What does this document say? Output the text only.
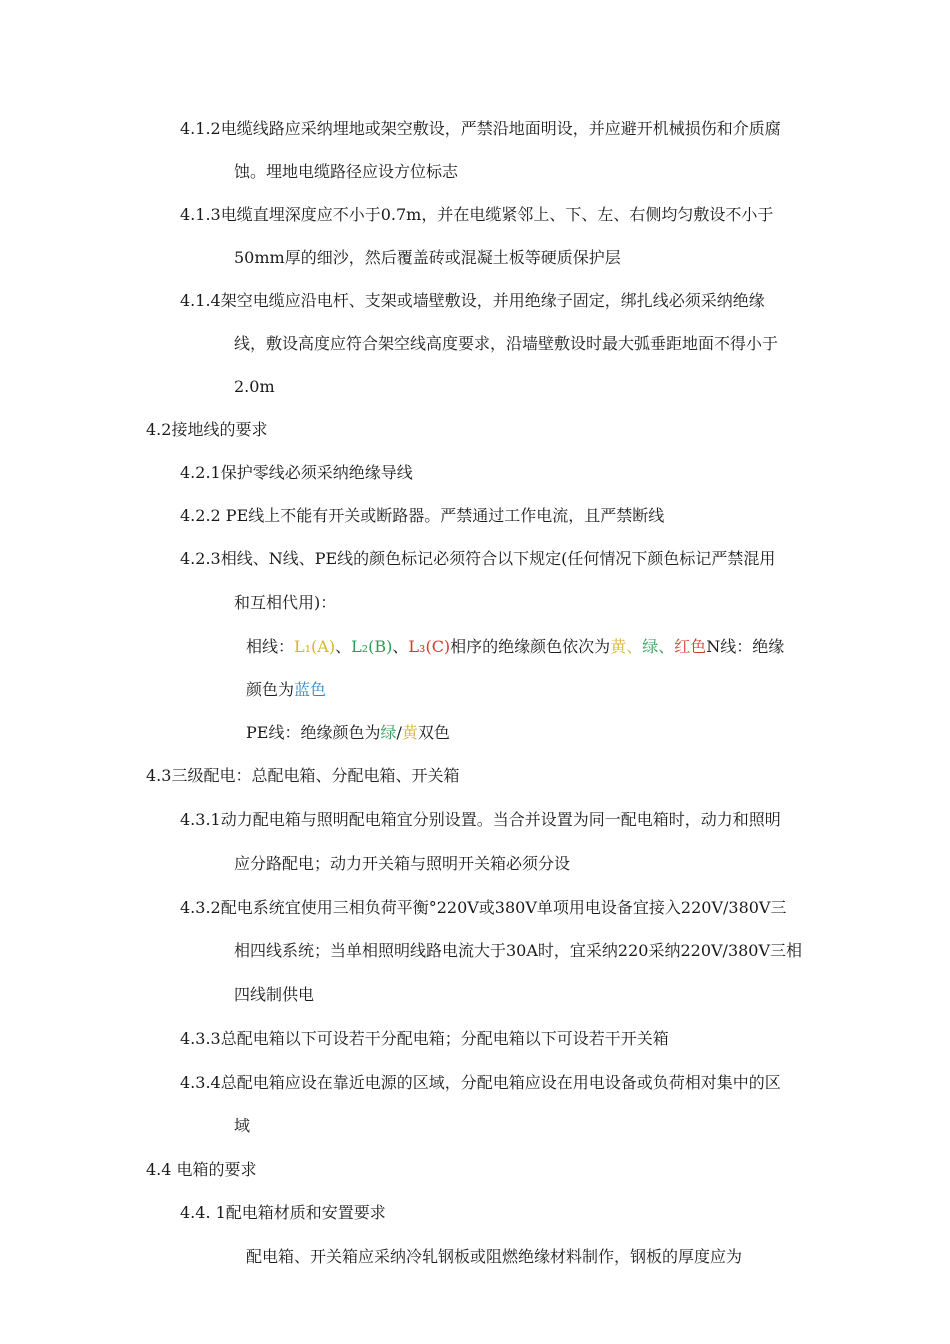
4.1.2电缆线路应采纳埋地或架空敷设，严禁沿地面明设，并应避开机械损伤和介质腐
蚀。埋地电缆路径应设方位标志
4.1.3电缆直埋深度应不小于0.7m，并在电缆紧邻上、下、左、右侧均匀敷设不小于
50mm厚的细沙，然后覆盖砖或混凝土板等硬质保护层
4.1.4架空电缆应沿电杆、支架或墙壁敷设，并用绝缘子固定，绑扎线必须采纳绝缘
线，敷设高度应符合架空线高度要求，沿墙壁敷设时最大弧垂距地面不得小于
2.0m
4.2接地线的要求
4.2.1保护零线必须采纳绝缘导线
4.2.2 PE线上不能有开关或断路器。严禁通过工作电流，且严禁断线
4.2.3相线、N线、PE线的颜色标记必须符合以下规定(任何情况下颜色标记严禁混用
和互相代用)：
相线：L₁(A)、L₂(B)、L₃(C)相序的绝缘颜色依次为黄、绿、红色N线：绝缘
颜色为蓝色
PE线：绝缘颜色为绿/黄双色
4.3三级配电：总配电箱、分配电箱、开关箱
4.3.1动力配电箱与照明配电箱宜分别设置。当合并设置为同一配电箱时，动力和照明
应分路配电；动力开关箱与照明开关箱必须分设
4.3.2配电系统宜使用三相负荷平衡°220V或380V单项用电设备宜接入220V/380V三
相四线系统；当单相照明线路电流大于30A时，宜采纳220采纳220V/380V三相
四线制供电
4.3.3总配电箱以下可设若干分配电箱；分配电箱以下可设若干开关箱
4.3.4总配电箱应设在靠近电源的区域，分配电箱应设在用电设备或负荷相对集中的区
域
4.4 电箱的要求
4.4. 1配电箱材质和安置要求
配电箱、开关箱应采纳冷轧钢板或阻燃绝缘材料制作，钢板的厚度应为
